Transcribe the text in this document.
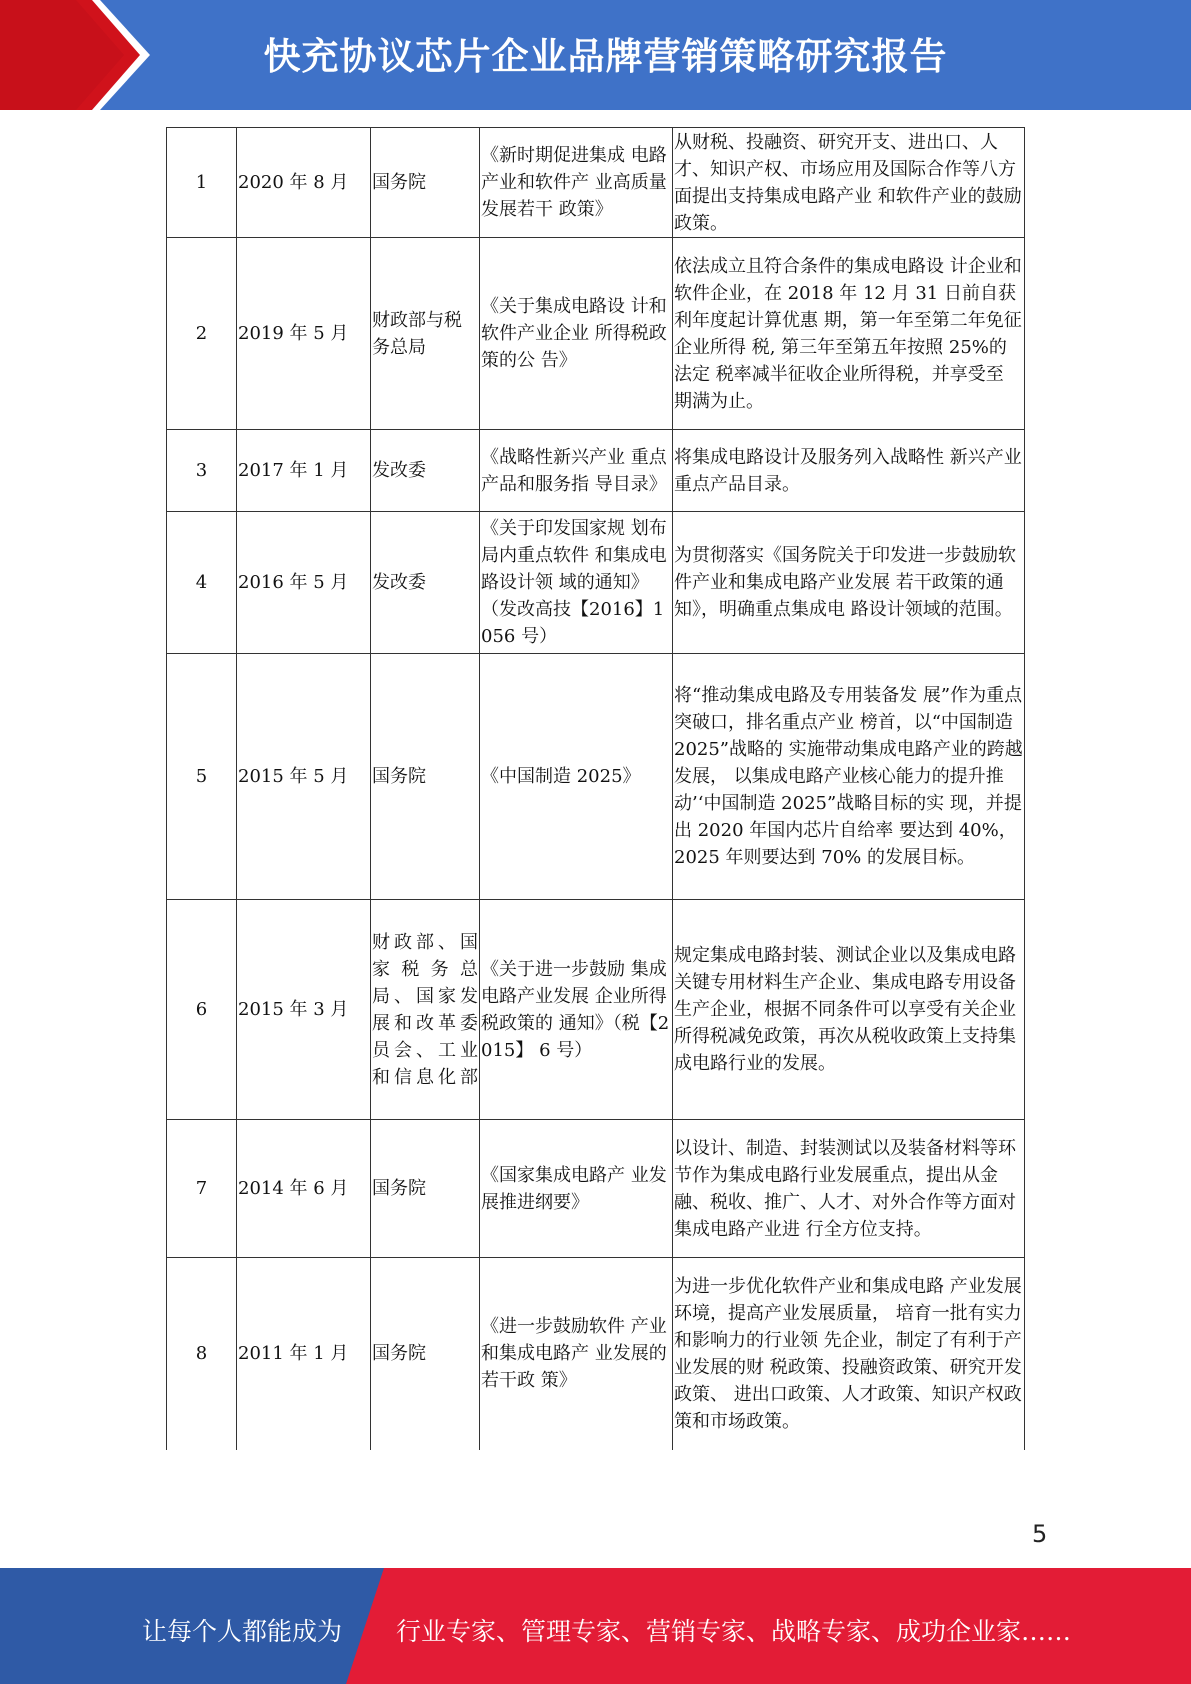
快充协议芯片企业品牌营销策略研究报告
1	2020 年 8 月	国务院	《新时期促进集成 电路产业和软件产 业高质量发展若干 政策》	从财税、投融资、研究开支、进出口、人才、知识产权、市场应用及国际合作等八方面提出支持集成电路产业 和软件产业的鼓励政策。
2	2019 年 5 月	财政部与税务总局	《关于集成电路设 计和软件产业企业 所得税政策的公 告》	依法成立且符合条件的集成电路设 计企业和软件企业，在 2018 年 12 月 31 日前自获利年度起计算优惠 期，第一年至第二年免征企业所得 税, 第三年至第五年按照 25%的法定 税率减半征收企业所得税，并享受至 期满为止。
3	2017 年 1 月	发改委	《战略性新兴产业 重点产品和服务指 导目录》	将集成电路设计及服务列入战略性 新兴产业重点产品目录。
4	2016 年 5 月	发改委	《关于印发国家规 划布局内重点软件 和集成电路设计领 域的通知》（发改高技【2016】1056 号）	为贯彻落实《国务院关于印发进一步鼓励软件产业和集成电路产业发展 若干政策的通知》，明确重点集成电 路设计领域的范围。
5	2015 年 5 月	国务院	《中国制造 2025》	将“推动集成电路及专用装备发 展”作为重点突破口，排名重点产业 榜首，以“中国制造 2025”战略的 实施带动集成电路产业的跨越发展， 以集成电路产业核心能力的提升推 动’‘中国制造 2025”战略目标的实 现，并提出 2020 年国内芯片自给率 要达到 40%，2025 年则要达到 70% 的发展目标。
6	2015 年 3 月	财政部、国家税务总局、国家发展和改革委员会、工业和信息化部	《关于进一步鼓励 集成电路产业发展 企业所得税政策的 通知》（税【2015】 6 号）	规定集成电路封装、测试企业以及集成电路关键专用材料生产企业、集成电路专用设备生产企业，根据不同条件可以享受有关企业所得税减免政策，再次从税收政策上支持集成电路行业的发展。
7	2014 年 6 月	国务院	《国家集成电路产 业发展推进纲要》	以设计、制造、封装测试以及装备材料等环节作为集成电路行业发展重点，提出从金融、税收、推广、人才、对外合作等方面对集成电路产业进 行全方位支持。
8	2011 年 1 月	国务院	《进一步鼓励软件 产业和集成电路产 业发展的若干政 策》	为进一步优化软件产业和集成电路 产业发展环境，提高产业发展质量， 培育一批有实力和影响力的行业领 先企业，制定了有利于产业发展的财 税政策、投融资政策、研究开发政策、 进出口政策、人才政策、知识产权政 策和市场政策。
5
让每个人都能成为 行业专家、管理专家、营销专家、战略专家、成功企业家……
